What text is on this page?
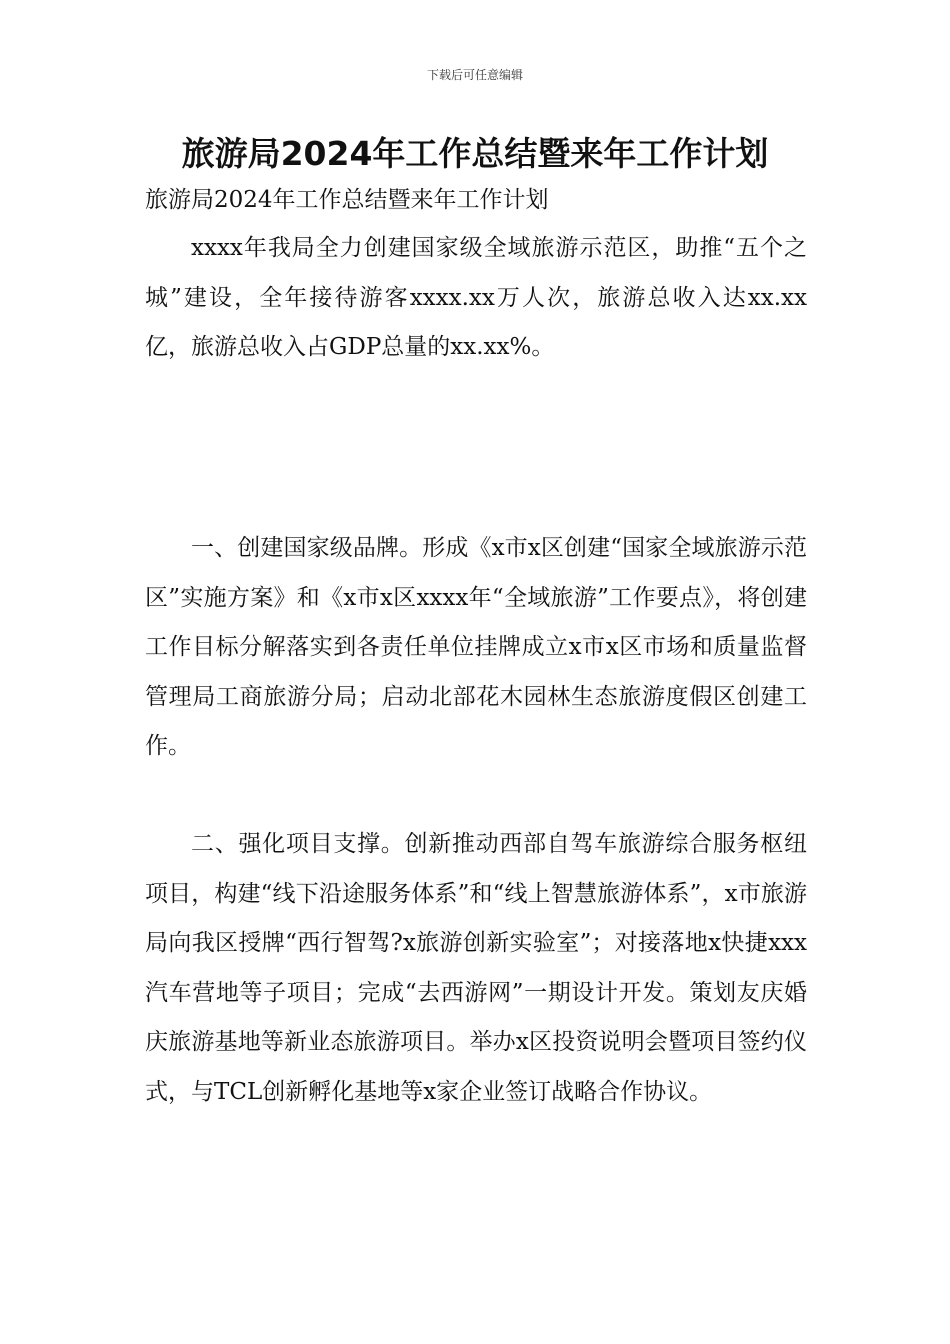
下载后可任意编辑
旅游局2024年工作总结暨来年工作计划
旅游局2024年工作总结暨来年工作计划

xxxx年我局全力创建国家级全域旅游示范区，助推“五个之城”建设，全年接待游客xxxx.xx万人次，旅游总收入达xx.xx亿，旅游总收入占GDP总量的xx.xx%。

一、创建国家级品牌。形成《x市x区创建“国家全域旅游示范区”实施方案》和《x市x区xxxx年“全域旅游”工作要点》，将创建工作目标分解落实到各责任单位挂牌成立x市x区市场和质量监督管理局工商旅游分局；启动北部花木园林生态旅游度假区创建工作。

二、强化项目支撑。创新推动西部自驾车旅游综合服务枢纽项目，构建“线下沿途服务体系”和“线上智慧旅游体系”，x市旅游局向我区授牌“西行智驾?x旅游创新实验室”；对接落地x快捷xxx汽车营地等子项目；完成“去西游网”一期设计开发。策划友庆婚庆旅游基地等新业态旅游项目。举办x区投资说明会暨项目签约仪式，与TCL创新孵化基地等x家企业签订战略合作协议。
